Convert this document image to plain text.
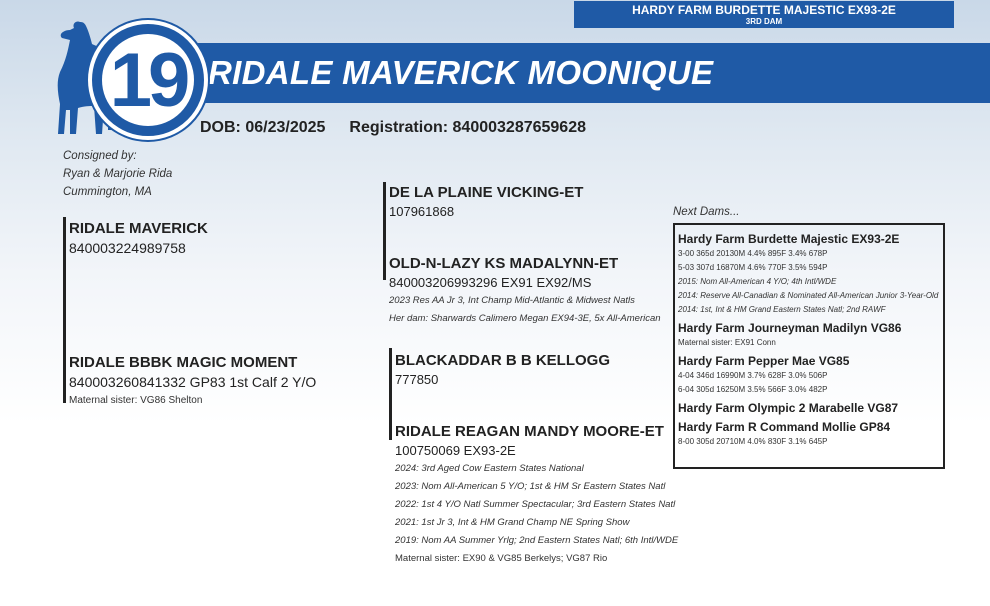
HARDY FARM BURDETTE MAJESTIC EX93-2E
3RD DAM
RIDALE MAVERICK MOONIQUE
19
DOB: 06/23/2025 Registration: 840003287659628
Consigned by:
Ryan & Marjorie Rida
Cummington, MA
RIDALE MAVERICK
840003224989758
RIDALE BBBK MAGIC MOMENT
840003260841332 GP83 1st Calf 2 Y/O
Maternal sister: VG86 Shelton
DE LA PLAINE VICKING-ET
107961868
OLD-N-LAZY KS MADALYNN-ET
840003206993296 EX91 EX92/MS
2023 Res AA Jr 3, Int Champ Mid-Atlantic & Midwest Natls
Her dam: Sharwards Calimero Megan EX94-3E, 5x All-American
BLACKADDAR B B KELLOGG
777850
RIDALE REAGAN MANDY MOORE-ET
100750069 EX93-2E
2024: 3rd Aged Cow Eastern States National
2023: Nom All-American 5 Y/O; 1st & HM Sr Eastern States Natl
2022: 1st 4 Y/O Natl Summer Spectacular; 3rd Eastern States Natl
2021: 1st Jr 3, Int & HM Grand Champ NE Spring Show
2019: Nom AA Summer Yrlg; 2nd Eastern States Natl; 6th Intl/WDE
Maternal sister: EX90 & VG85 Berkelys; VG87 Rio
Next Dams...
Hardy Farm Burdette Majestic EX93-2E
3-00 365d 20130M 4.4% 895F 3.4% 678P
5-03 307d 16870M 4.6% 770F 3.5% 594P
2015: Nom All-American 4 Y/O; 4th Intl/WDE
2014: Reserve All-Canadian & Nominated All-American Junior 3-Year-Old
2014: 1st, Int & HM Grand Eastern States Natl; 2nd RAWF
Hardy Farm Journeyman Madilyn VG86
Maternal sister: EX91 Conn
Hardy Farm Pepper Mae VG85
4-04 346d 16990M 3.7% 628F 3.0% 506P
6-04 305d 16250M 3.5% 566F 3.0% 482P
Hardy Farm Olympic 2 Marabelle VG87
Hardy Farm R Command Mollie GP84
8-00 305d 20710M 4.0% 830F 3.1% 645P
